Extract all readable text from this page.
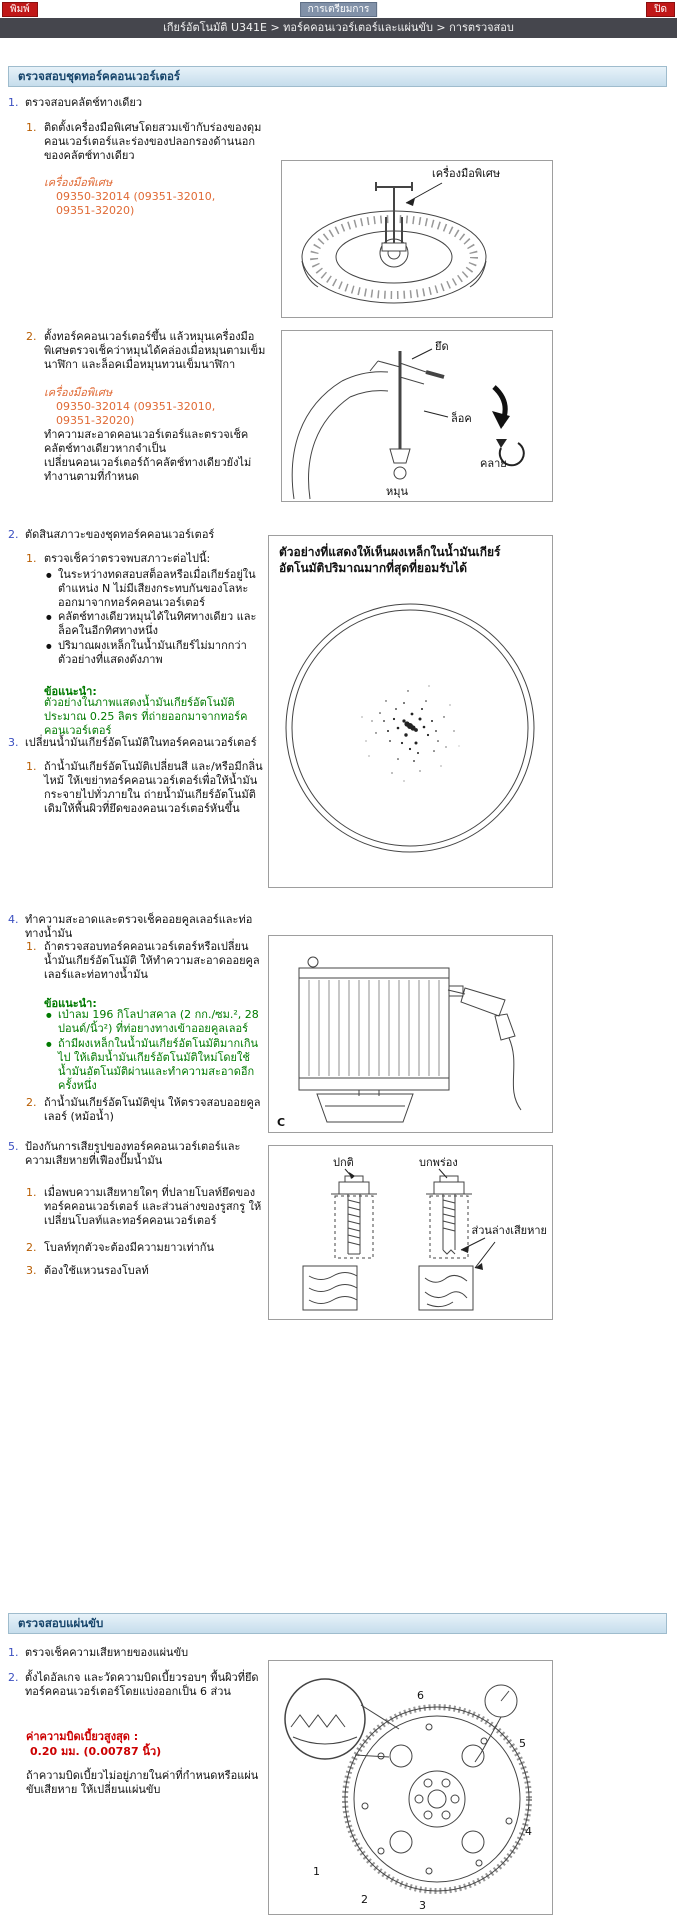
พิมพ์	การเตรียมการ	ปิด
เกียร์อัตโนมัติ U341E > ทอร์คคอนเวอร์เตอร์และแผ่นขับ > การตรวจสอบ
ตรวจสอบชุดทอร์คคอนเวอร์เตอร์
1. ตรวจสอบคลัตช์ทางเดียว
1. ติดตั้งเครื่องมือพิเศษโดยสวมเข้ากับร่องของดุมคอนเวอร์เตอร์และร่องของปลอกรองด้านนอกของคลัตช์ทางเดียว
เครื่องมือพิเศษ
09350-32014 (09351-32010, 09351-32020)
เครื่องมือพิเศษ
2. ตั้งทอร์คคอนเวอร์เตอร์ขึ้น แล้วหมุนเครื่องมือพิเศษตรวจเช็คว่าหมุนได้คล่องเมื่อหมุนตามเข็มนาฬิกา และล็อคเมื่อหมุนทวนเข็มนาฬิกา
เครื่องมือพิเศษ
09350-32014 (09351-32010, 09351-32020)
ทำความสะอาดคอนเวอร์เตอร์และตรวจเช็คคลัตช์ทางเดียวหากจำเป็น
เปลี่ยนคอนเวอร์เตอร์ถ้าคลัตช์ทางเดียวยังไม่ทำงานตามที่กำหนด
ยึด
ล็อค
หมุน
คลาย
2. ตัดสินสภาวะของชุดทอร์คคอนเวอร์เตอร์
1. ตรวจเช็คว่าตรวจพบสภาวะต่อไปนี้:
●
ในระหว่างทดสอบสต็อลหรือเมื่อเกียร์อยู่ในตำแหน่ง N ไม่มีเสียงกระทบกันของโลหะออกมาจากทอร์คคอนเวอร์เตอร์
●
คลัตช์ทางเดียวหมุนได้ในทิศทางเดียว และล็อคในอีกทิศทางหนึ่ง
●
ปริมาณผงเหล็กในน้ำมันเกียร์ไม่มากกว่าตัวอย่างที่แสดงดังภาพ
ข้อแนะนำ:
ตัวอย่างในภาพแสดงน้ำมันเกียร์อัตโนมัติประมาณ 0.25 ลิตร ที่ถ่ายออกมาจากทอร์คคอนเวอร์เตอร์
3. เปลี่ยนน้ำมันเกียร์อัตโนมัติในทอร์คคอนเวอร์เตอร์
1. ถ้าน้ำมันเกียร์อัตโนมัติเปลี่ยนสี และ/หรือมีกลิ่นไหม้ ให้เขย่าทอร์คคอนเวอร์เตอร์เพื่อให้น้ำมันกระจายไปทั่วภายใน ถ่ายน้ำมันเกียร์อัตโนมัติเดิมให้พื้นผิวที่ยึดของคอนเวอร์เตอร์หันขึ้น
ตัวอย่างที่แสดงให้เห็นผงเหล็กในน้ำมันเกียร์อัตโนมัติปริมาณมากที่สุดที่ยอมรับได้
4. ทำความสะอาดและตรวจเช็คออยคูลเลอร์และท่อทางน้ำมัน
1. ถ้าตรวจสอบทอร์คคอนเวอร์เตอร์หรือเปลี่ยนน้ำมันเกียร์อัตโนมัติ ให้ทำความสะอาดออยคูลเลอร์และท่อทางน้ำมัน
ข้อแนะนำ:
●
เป่าลม 196 กิโลปาสคาล (2 กก./ซม.², 28 ปอนด์/นิ้ว²) ที่ท่อยางทางเข้าออยคูลเลอร์
●
ถ้ามีผงเหล็กในน้ำมันเกียร์อัตโนมัติมากเกินไป ให้เติมน้ำมันเกียร์อัตโนมัติใหม่โดยใช้น้ำมันอัตโนมัติผ่านและทำความสะอาดอีกครั้งหนึ่ง
2. ถ้าน้ำมันเกียร์อัตโนมัติขุ่น ให้ตรวจสอบออยคูลเลอร์ (หม้อน้ำ)	C
5. ป้องกันการเสียรูปของทอร์คคอนเวอร์เตอร์และความเสียหายที่เฟืองปั๊มน้ำมัน
1. เมื่อพบความเสียหายใดๆ ที่ปลายโบลท์ยึดของทอร์คคอนเวอร์เตอร์ และส่วนล่างของรูสกรู ให้เปลี่ยนโบลท์และทอร์คคอนเวอร์เตอร์
2. โบลท์ทุกตัวจะต้องมีความยาวเท่ากัน
3. ต้องใช้แหวนรองโบลท์
ปกติ	บกพร่อง
ส่วนล่างเสียหาย
ตรวจสอบแผ่นขับ
1. ตรวจเช็คความเสียหายของแผ่นขับ
2. ตั้งไดอัลเกจ และวัดความบิดเบี้ยวรอบๆ พื้นผิวที่ยึดทอร์คคอนเวอร์เตอร์โดยแบ่งออกเป็น 6 ส่วน
ค่าความบิดเบี้ยวสูงสุด :
0.20 มม. (0.00787 นิ้ว)
ถ้าความบิดเบี้ยวไม่อยู่ภายในค่าที่กำหนดหรือแผ่นขับเสียหาย ให้เปลี่ยนแผ่นขับ
6
5
4
3
2
1
